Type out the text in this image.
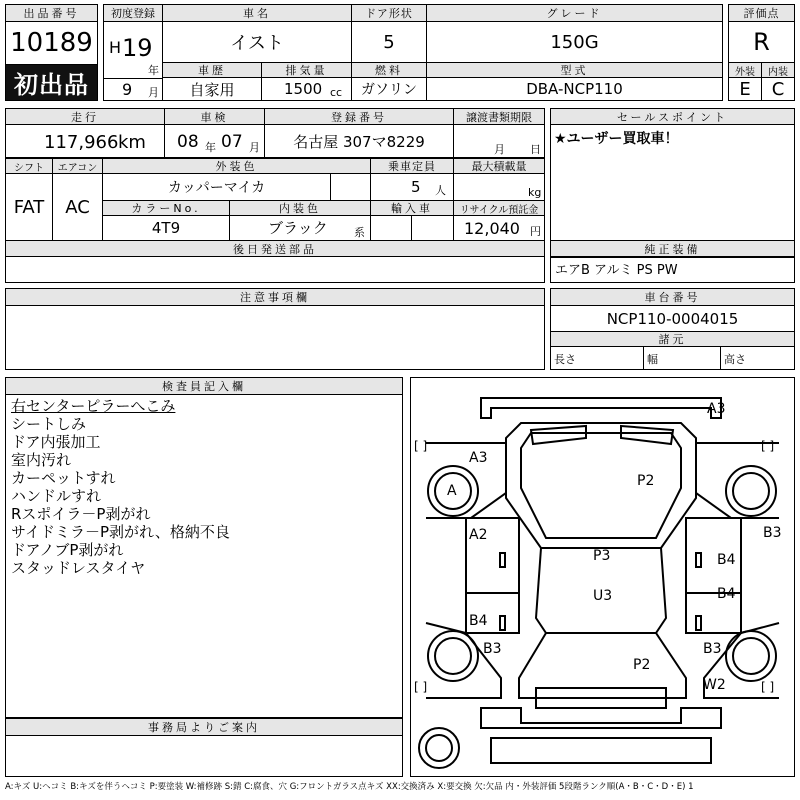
出品番号
10189
初出品
初度登録
H 19
年
9 月
車名
イスト
ドア形状
5
グレード
150G
評価点
R
車歴
自家用
排気量
1500 cc
燃料
ガソリン
型式
DBA-NCP110
外装
E
内装
C
走行
117,966 km
車検
08 年 07 月
登録番号
名古屋 307マ8229
譲渡書類期限
月 日
セールスポイント
★ユーザー買取車！
シフト
FAT
エアコン
AC
外装色
カッパーマイカ
乗車定員
5 人
最大積載量
kg
カラーNo.
4T9
内装色
ブラック 系
輸入車	リサイクル預託金
12,040 円
後日発送部品	純正装備
エアB アルミ PS PW
注意事項欄	車台番号
NCP110-0004015
諸元
長さ	幅	高さ
検査員記入欄
右センターピラーへこみ
シートしみ
ドア内張加工
室内汚れ
カーペットすれ
ハンドルすれ
Rスポイラ－P剥がれ
サイドミラ－P剥がれ、格納不良
ドアノブP剥がれ
スタッドレスタイヤ
事務局よりご案内
A3
[ ]	[ ]
A3
A
P2
A2	B3
P3	B4
U3	B4
B4
B3	B3
P2
W2
[ ]	[ ]
A:キズ U:ヘコミ B:キズを伴うヘコミ P:要塗装 W:補修跡 S:錆 C:腐食、穴 G:フロントガラス点キズ XX:交換済み X:要交換 欠:欠品 内・外装評価 5段階ランク順(A・B・C・D・E) 1
